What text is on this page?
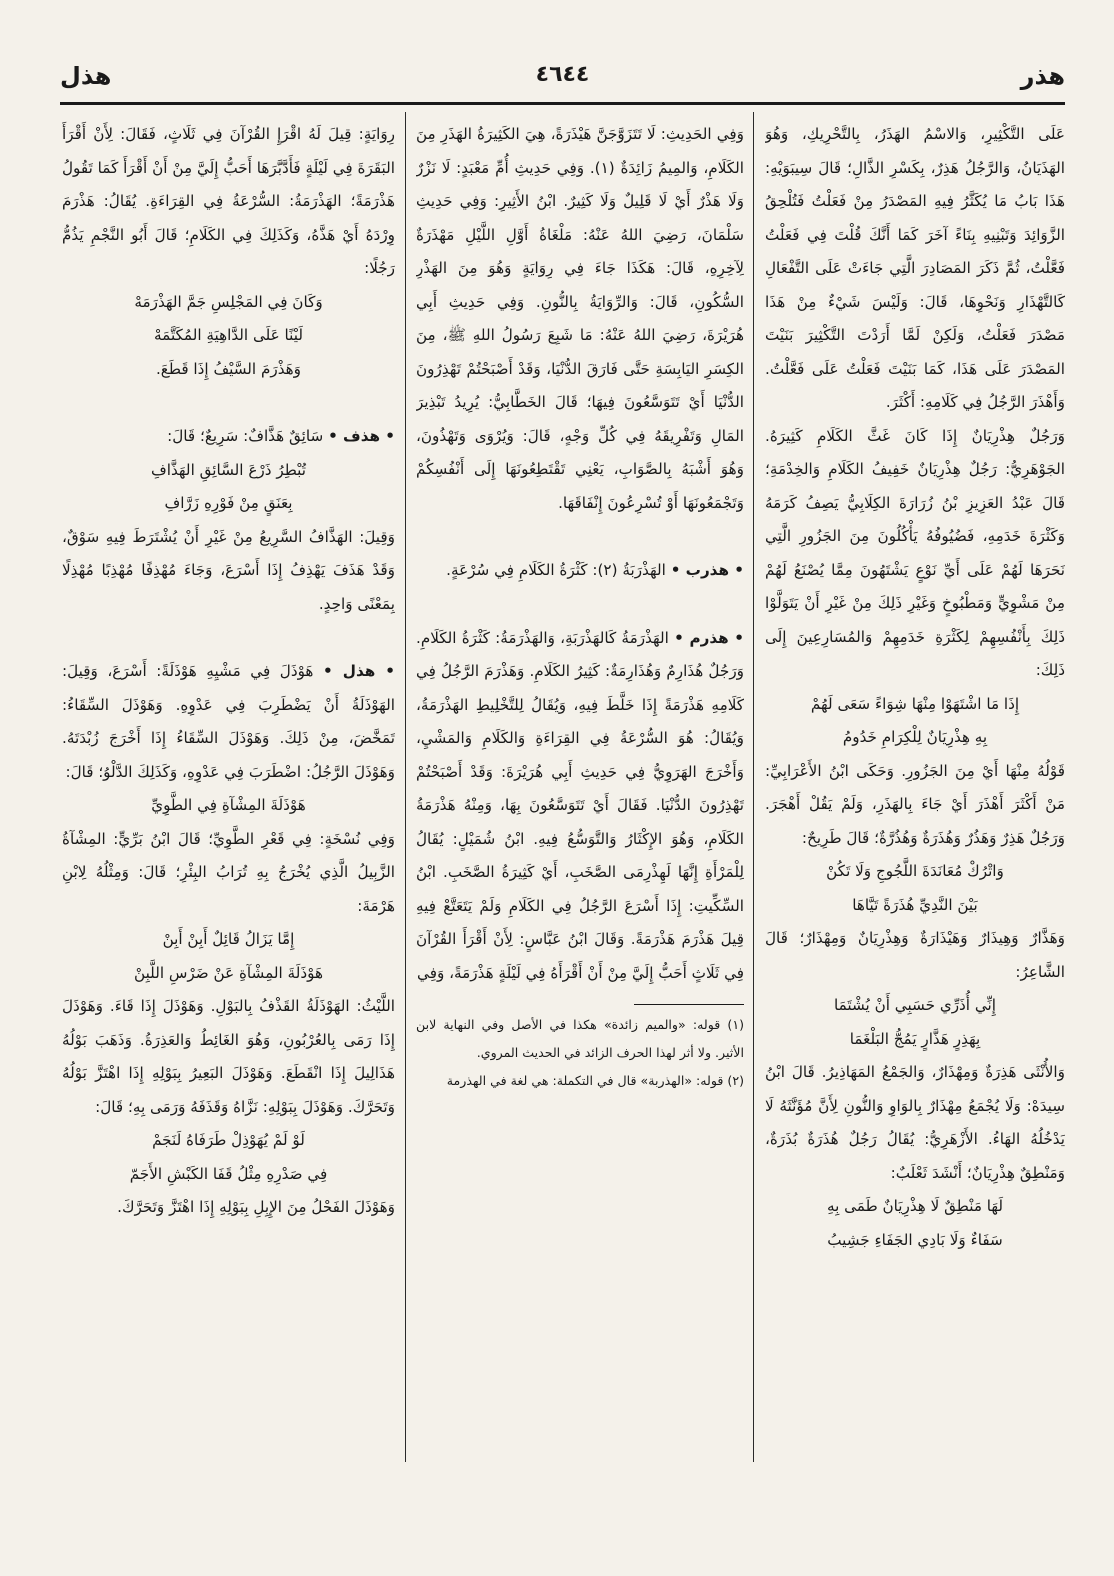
هذر
٤٦٤٤
هذل

عَلَى التَّكْثِيرِ، وَالاسْمُ الهَذَرُ، بِالتَّحْرِيكِ، وَهُوَ الهَذَيَانُ، وَالرَّجُلُ هَذِرٌ، بِكَسْرِ الذَّالِ؛ قَالَ سِيبَوَيْهِ: هَذَا بَابُ مَا يُكَثَّرُ فِيهِ المَصْدَرُ مِنْ فَعَلْتُ فَتُلْحِقُ الزَّوَائِدَ وَتَبْنِيهِ بِنَاءً آخَرَ كَمَا أَنَّكَ قُلْتَ فِي فَعَلْتُ فَعَّلْتُ، ثُمَّ ذَكَرَ المَصَادِرَ الَّتِي جَاءَتْ عَلَى التَّفْعَالِ كَالتَّهْذَارِ وَنَحْوِهَا، قَالَ: وَلَيْسَ شَيْءٌ مِنْ هَذَا مَصْدَرَ فَعَلْتُ، وَلَكِنْ لَمَّا أَرَدْتَ التَّكْثِيرَ بَنَيْتَ المَصْدَرَ عَلَى هَذَا، كَمَا بَنَيْتَ فَعَلْتُ عَلَى فَعَّلْتُ. وَأَهْذَرَ الرَّجُلُ فِي كَلَامِهِ: أَكْثَرَ.

وَرَجُلٌ هِذْرِيَانٌ إِذَا كَانَ غَثَّ الكَلَامِ كَثِيرَهُ. الجَوْهَرِيُّ: رَجُلٌ هِذْرِيَانٌ خَفِيفُ الكَلَامِ وَالخِدْمَةِ؛ قَالَ عَبْدُ العَزِيزِ بْنُ زُرَارَةَ الكِلَابِيُّ يَصِفُ كَرَمَهُ وَكَثْرَةَ خَدَمِهِ، فَضُيُوفُهُ يَأْكُلُونَ مِنَ الجَزُورِ الَّتِي نَحَرَهَا لَهُمْ عَلَى أَيِّ نَوْعٍ يَشْتَهُونَ مِمَّا يُصْنَعُ لَهُمْ مِنْ مَشْوِيٍّ وَمَطْبُوخٍ وَغَيْرِ ذَلِكَ مِنْ غَيْرِ أَنْ يَتَوَلَّوْا ذَلِكَ بِأَنْفُسِهِمْ لِكَثْرَةِ خَدَمِهِمْ وَالمُسَارِعِينَ إِلَى ذَلِكَ:

إِذَا مَا اشْتَهَوْا مِنْهَا شِوَاءً سَعَى لَهُمْ

بِهِ هِذْرِيَانٌ لِلْكِرَامِ خَدُومُ

قَوْلُهُ مِنْهَا أَيْ مِنَ الجَزُورِ. وَحَكَى ابْنُ الأَعْرَابِيِّ: مَنْ أَكْثَرَ أَهْذَرَ أَيْ جَاءَ بِالهَذَرِ، وَلَمْ يَقُلْ أَهْجَرَ. وَرَجُلٌ هَذِرٌ وَهَذُرٌ وَهُذَرَةٌ وَهُذُرَّةٌ؛ قَالَ طَرِيحٌ:

وَاتْرُكْ مُعَانَدَةَ اللَّجُوجِ وَلَا تَكُنْ

بَيْنَ النَّدِيِّ هُذَرَةً تَيَّاهَا

وَهَذَّارٌ وَهِيذَارٌ وَهَيْذَارَةٌ وَهِذْرِيَانٌ وَمِهْذَارٌ؛ قَالَ الشَّاعِرُ:

إِنِّي أُذَرِّي حَسَبِي أَنْ يُشْتَمَا

بِهَذِرٍ هَذَّارٍ يَمُجُّ البَلْغَمَا

وَالأُنْثَى هَذِرَةٌ وَمِهْذَارٌ، وَالجَمْعُ المَهَاذِيرُ. قَالَ ابْنُ سِيدَهْ: وَلَا يُجْمَعُ مِهْذَارٌ بِالوَاوِ وَالنُّونِ لِأَنَّ مُؤَنَّثَهُ لَا يَدْخُلُهُ الهَاءُ. الأَزْهَرِيُّ: يُقَالُ رَجُلٌ هُذَرَةٌ بُذَرَةٌ، وَمَنْطِقٌ هِذْرِيَانٌ؛ أَنْشَدَ ثَعْلَبٌ:

لَهَا مَنْطِقٌ لَا هِذْرِيَانٌ طَمَى بِهِ

سَفَاءٌ وَلَا بَادِي الجَفَاءِ جَشِيبُ

وَفِي الحَدِيثِ: لَا تَتَزَوَّجَنَّ هَيْذَرَةً، هِيَ الكَثِيرَةُ الهَذَرِ مِنَ الكَلَامِ، وَالمِيمُ زَائِدَةٌ (١). وَفِي حَدِيثِ أُمِّ مَعْبَدٍ: لَا نَزْرٌ وَلَا هَذْرٌ أَيْ لَا قَلِيلٌ وَلَا كَثِيرٌ. ابْنُ الأَثِيرِ: وَفِي حَدِيثِ سَلْمَانَ، رَضِيَ اللهُ عَنْهُ: مَلْغَاةُ أَوَّلِ اللَّيْلِ مَهْذَرَةٌ لِآخِرِهِ، قَالَ: هَكَذَا جَاءَ فِي رِوَايَةٍ وَهُوَ مِنَ الهَذْرِ السُّكُونِ، قَالَ: وَالرِّوَايَةُ بِالنُّونِ. وَفِي حَدِيثِ أَبِي هُرَيْرَةَ، رَضِيَ اللهُ عَنْهُ: مَا شَبِعَ رَسُولُ اللهِ ﷺ، مِنَ الكِسَرِ اليَابِسَةِ حَتَّى فَارَقَ الدُّنْيَا، وَقَدْ أَصْبَحْتُمْ تَهْذِرُونَ الدُّنْيَا أَيْ تَتَوَسَّعُونَ فِيهَا؛ قَالَ الخَطَّابِيُّ: يُرِيدُ تَبْذِيرَ المَالِ وَتَفْرِيقَهُ فِي كُلِّ وَجْهٍ، قَالَ: وَيُرْوَى وَتَهْذُونَ، وَهُوَ أَشْبَهُ بِالصَّوَابِ، يَعْنِي تَقْتَطِعُونَهَا إِلَى أَنْفُسِكُمْ وَتَجْمَعُونَهَا أَوْ تُسْرِعُونَ إِنْفَاقَهَا.

• هذرب • الهَذْرَبَةُ (٢): كَثْرَةُ الكَلَامِ فِي سُرْعَةٍ.

• هذرم • الهَذْرَمَةُ كَالهَذْرَبَةِ، وَالهَذْرَمَةُ: كَثْرَةُ الكَلَامِ. وَرَجُلٌ هُذَارِمٌ وَهُذَارِمَةٌ: كَثِيرُ الكَلَامِ. وَهَذْرَمَ الرَّجُلُ فِي كَلَامِهِ هَذْرَمَةً إِذَا خَلَّطَ فِيهِ، وَيُقَالُ لِلتَّخْلِيطِ الهَذْرَمَةُ، وَيُقَالُ: هُوَ السُّرْعَةُ فِي القِرَاءَةِ وَالكَلَامِ وَالمَشْيِ، وَأَخْرَجَ الهَرَوِيُّ فِي حَدِيثِ أَبِي هُرَيْرَةَ: وَقَدْ أَصْبَحْتُمْ تَهْذِرُونَ الدُّنْيَا. فَقَالَ أَيْ تَتَوَسَّعُونَ بِهَا، وَمِنْهُ هَذْرَمَةُ الكَلَامِ، وَهُوَ الإِكْثَارُ وَالتَّوَسُّعُ فِيهِ. ابْنُ شُمَيْلٍ: يُقَالُ لِلْمَرْأَةِ إِنَّهَا لَهِذْرِمَى الصَّخَبِ، أَيْ كَثِيرَةُ الصَّخَبِ. ابْنُ السِّكِّيتِ: إِذَا أَسْرَعَ الرَّجُلُ فِي الكَلَامِ وَلَمْ يَتَعَتَّعْ فِيهِ قِيلَ هَذْرَمَ هَذْرَمَةً. وَقَالَ ابْنُ عَبَّاسٍ: لِأَنْ أَقْرَأَ القُرْآنَ فِي ثَلَاثٍ أَحَبُّ إِلَيَّ مِنْ أَنْ أَقْرَأَهُ فِي لَيْلَةٍ هَذْرَمَةً، وَفِي

(١) قوله: «والميم زائدة» هكذا في الأصل وفي النهاية لابن الأثير. ولا أثر لهذا الحرف الزائد في الحديث المروي.

(٢) قوله: «الهذربة» قال في التكملة: هي لغة في الهذرمة

رِوَايَةٍ: قِيلَ لَهُ اقْرَإِ القُرْآنَ فِي ثَلَاثٍ، فَقَالَ: لِأَنْ أَقْرَأَ البَقَرَةَ فِي لَيْلَةٍ فَأَدَّبَّرَهَا أَحَبُّ إِلَيَّ مِنْ أَنْ أَقْرَأَ كَمَا تَقُولُ هَذْرَمَةً؛ الهَذْرَمَةُ: السُّرْعَةُ فِي القِرَاءَةِ. يُقَالُ: هَذْرَمَ وِرْدَهُ أَيْ هَذَّهُ، وَكَذَلِكَ فِي الكَلَامِ؛ قَالَ أَبُو النَّجْمِ يَذُمُّ رَجُلًا:

وَكَانَ فِي المَجْلِسِ جَمَّ الهَذْرَمَهْ

لَيْنًا عَلَى الدَّاهِيَةِ المُكَتَّمَهْ

وَهَذْرَمَ السَّيْفُ إِذَا قَطَعَ.

• هذف • سَائِقٌ هَذَّافٌ: سَرِيعٌ؛ قَالَ:

تُبْطِرُ ذَرْعَ السَّائِقِ الهَذَّافِ

بِعَنَقٍ مِنْ فَوْرِهِ زَرَّافِ

وَقِيلَ: الهَذَّافُ السَّرِيعُ مِنْ غَيْرِ أَنْ يُشْتَرَطَ فِيهِ سَوْقٌ، وَقَدْ هَذَفَ يَهْذِفُ إِذَا أَسْرَعَ، وَجَاءَ مُهْذِفًا مُهْذِبًا مُهْذِلًا بِمَعْنًى وَاحِدٍ.

• هذل • هَوْذَلَ فِي مَشْيِهِ هَوْذَلَةً: أَسْرَعَ، وَقِيلَ: الهَوْذَلَةُ أَنْ يَضْطَرِبَ فِي عَدْوِهِ. وَهَوْذَلَ السِّقَاءُ: تَمَخَّضَ، مِنْ ذَلِكَ. وَهَوْذَلَ السِّقَاءُ إِذَا أَخْرَجَ زُبْدَتَهُ. وَهَوْذَلَ الرَّجُلُ: اضْطَرَبَ فِي عَدْوِهِ، وَكَذَلِكَ الدَّلْوُ؛ قَالَ:

هَوْذَلَةَ المِشْآةِ فِي الطَّوِيِّ

وَفِي نُسْخَةٍ: فِي قَعْرِ الطَّوِيِّ؛ قَالَ ابْنُ بَرِّيٍّ: المِشْآةُ الزَّبِيلُ الَّذِي يُخْرَجُ بِهِ تُرَابُ البِئْرِ؛ قَالَ: وَمِثْلُهُ لِابْنِ هَرْمَةَ:

إِمَّا يَزَالُ قَائِلٌ أَبِنْ أَبِنْ

هَوْذَلَةَ المِشْآةِ عَنْ ضَرْسِ اللَّبِنْ

اللَّيْثُ: الهَوْذَلَةُ القَذْفُ بِالبَوْلِ. وَهَوْذَلَ إِذَا قَاءَ. وَهَوْذَلَ إِذَا رَمَى بِالعُرْبُونِ، وَهُوَ الغَائِطُ وَالعَذِرَةُ. وَذَهَبَ بَوْلُهُ هَذَالِيلَ إِذَا انْقَطَعَ. وَهَوْذَلَ البَعِيرُ بِبَوْلِهِ إِذَا اهْتَزَّ بَوْلُهُ وَتَحَرَّكَ. وَهَوْذَلَ بِبَوْلِهِ: نَزَّاهُ وَقَذَفَهُ وَرَمَى بِهِ؛ قَالَ:

لَوْ لَمْ يُهَوْذِلْ طَرَفَاهُ لَنَجَمْ

فِي صَدْرِهِ مِثْلُ قَفَا الكَبْشِ الأَجَمّ

وَهَوْذَلَ الفَحْلُ مِنَ الإِبِلِ بِبَوْلِهِ إِذَا اهْتَزَّ وَتَحَرَّكَ.
